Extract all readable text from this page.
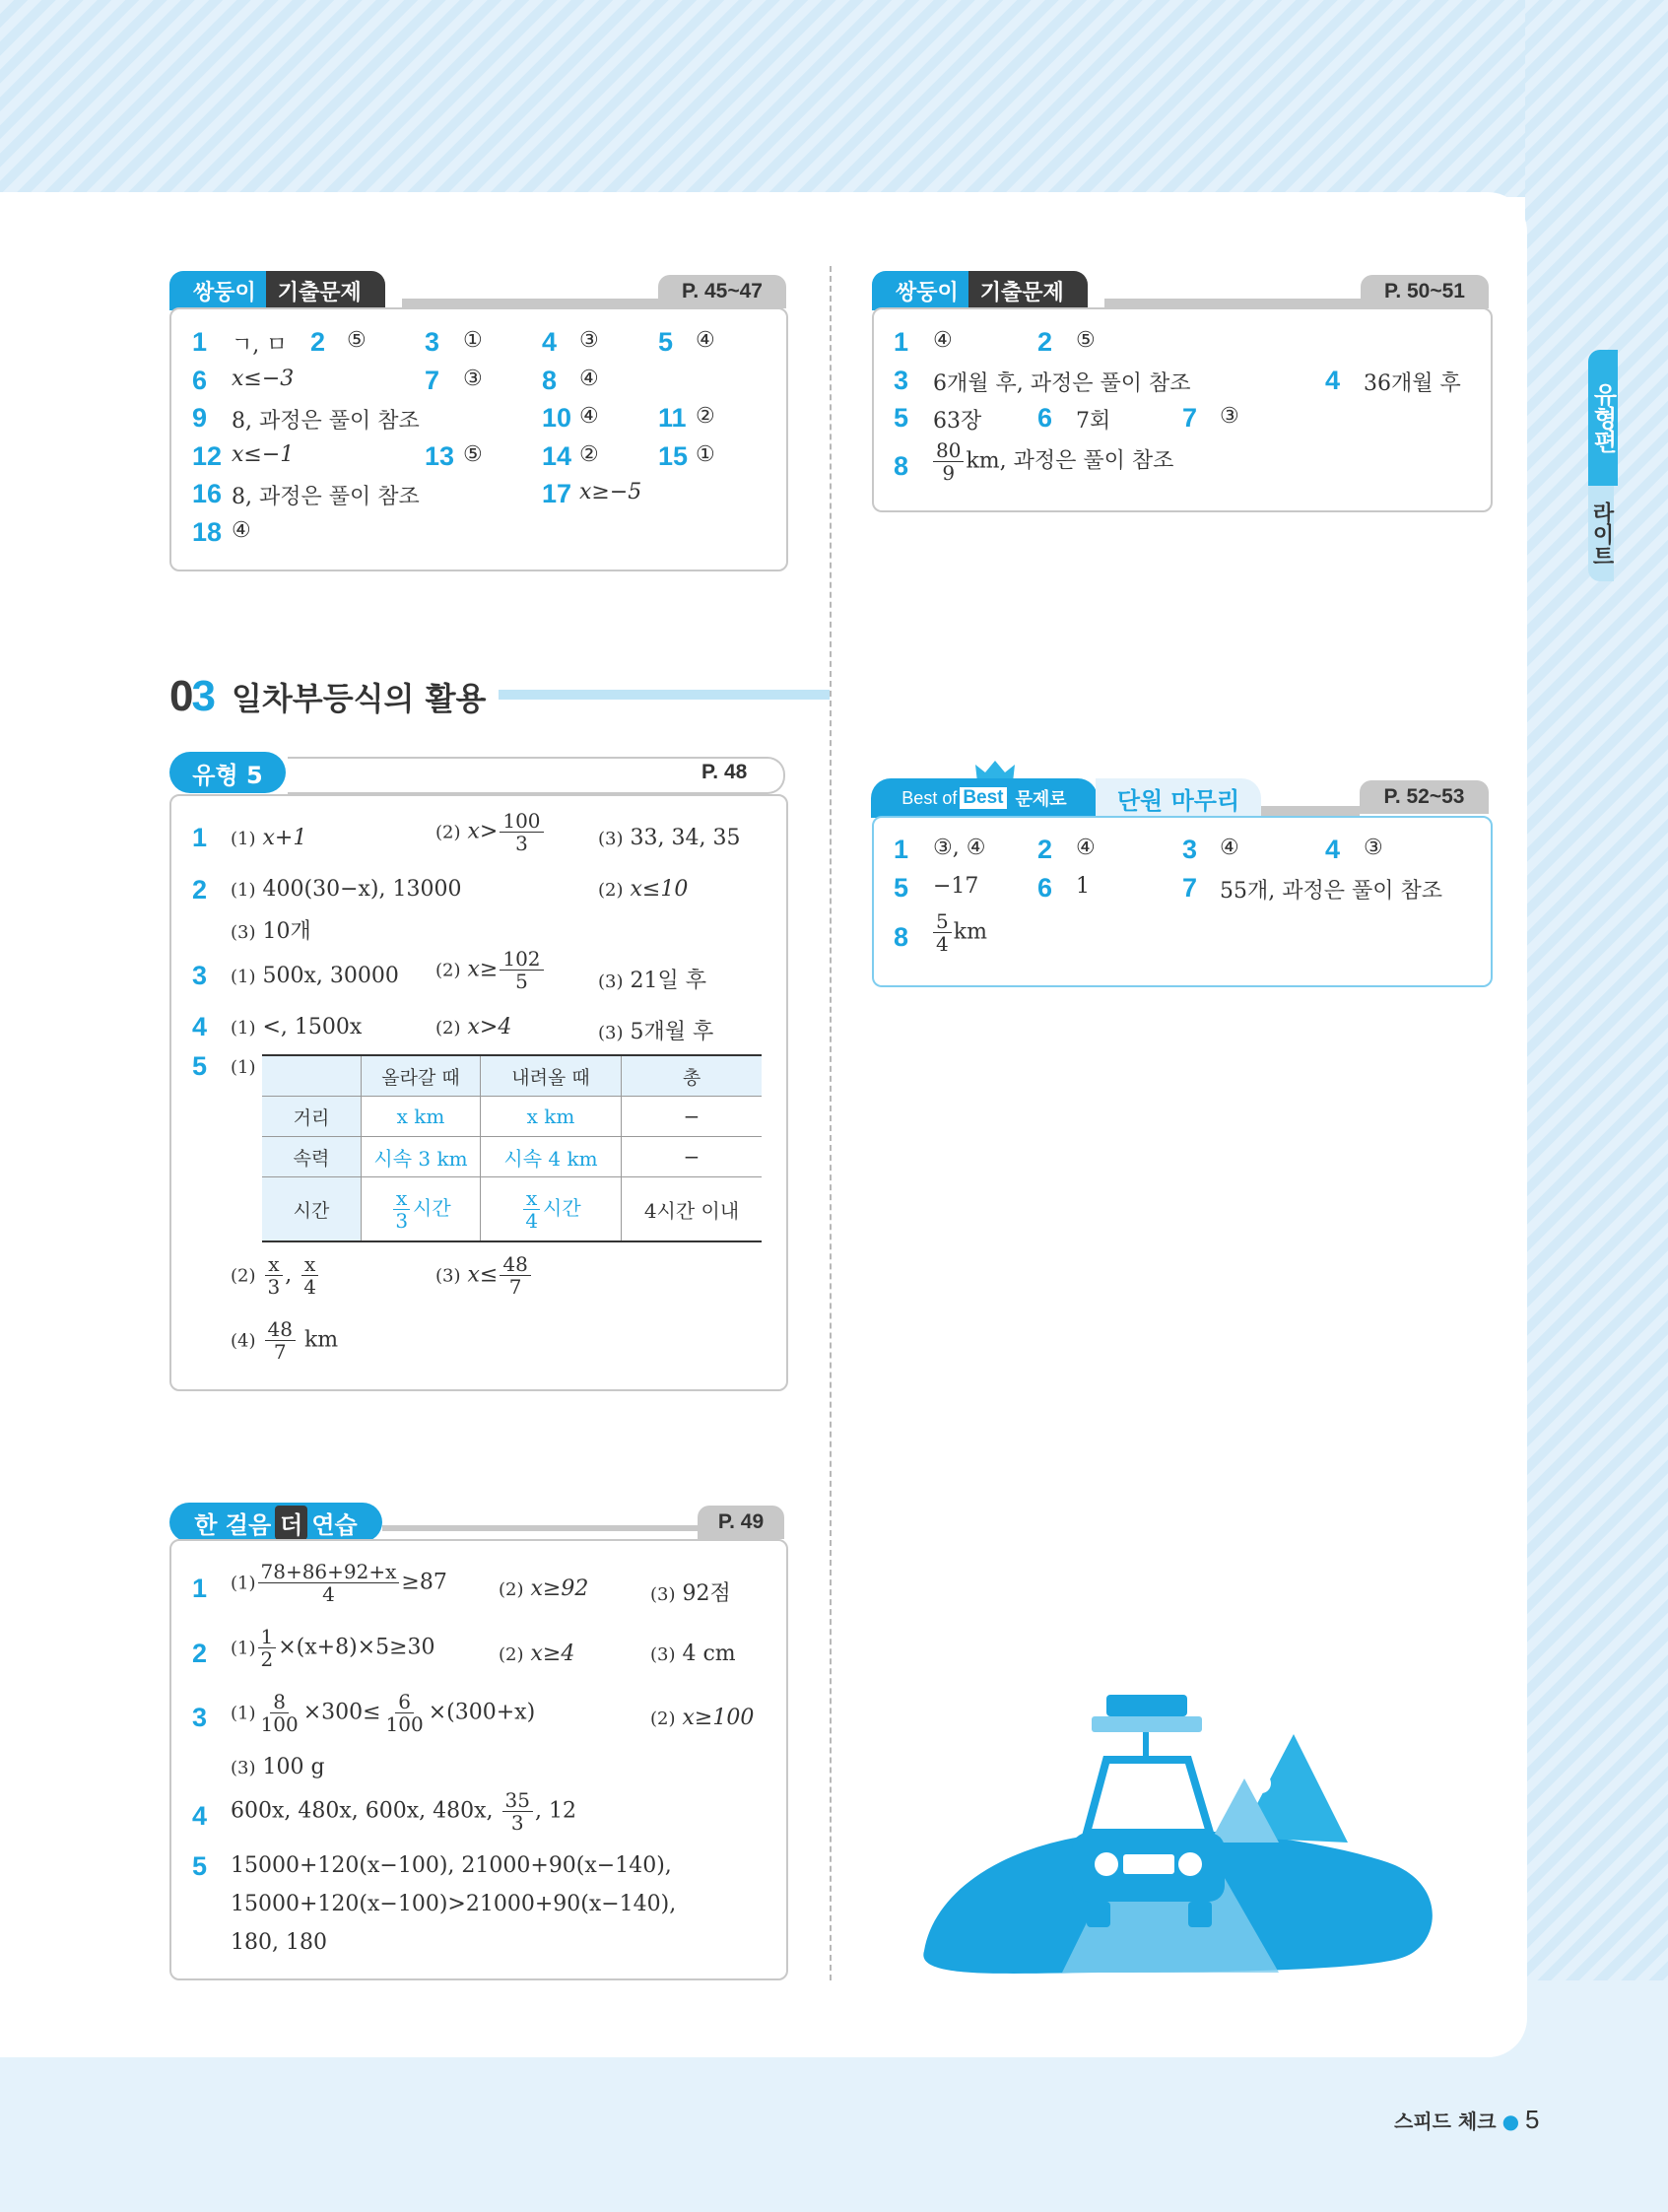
유형편
라이트
쌍둥이	기출문제	P. 45~47
1 ㄱ, ㅁ 2 ⑤ 3 ① 4 ③ 5 ④
6 x≤−3	7 ③ 8 ④
9 8, 과정은 풀이 참조	10 ④ 11 ②
12 x≤−1	13 ⑤ 14 ② 15 ①
16 8, 과정은 풀이 참조	17 x≥−5
18 ④
쌍둥이	기출문제	P. 50~51
1 ④	2 ⑤
3 6개월 후, 과정은 풀이 참조	4 36개월 후
5 63장 6 7회	7 ③
$8 \frac{80}{9}$ km, 과정은 풀이 참조
03 일차부등식의 활용
유형 5	P. 48
1 (1) x+1	(2) $x> \frac{100}{3}$	(3) 33, 34, 35
2 (1) 400(30−x), 13000	(2) x≤10
(3) 10개
3 (1) 500x, 30000 (2) $x\ge \frac{102}{5}$	(3) 21일 후
4 (1) <, 1500x	(2) x>4	(3) 5개월 후
5 (1)
		올라갈 때	내려올 때	총
거리	x km	x km	−
속력	시속 3 km	시속 4 km	−
시간	$\frac{x}{3}$ 시간	$\frac{x}{4}$ 시간	4시간 이내
$(2) \frac{x}{3}$ , $\frac{x}{4}$	(3) $x\le \frac{48}{7}$
$(4) \frac{48}{7}$ km
한 걸음 더 연습	P. 49
1 $(1) \frac{78+86+92+x}{4} \ge 87$	(2) x≥92	(3) 92점
2 $(1) \frac{1}{2} \times(x+8)\times 5\ge 30$	(2) x≥4	(3) 4 cm
3 $(1) \frac{8}{100} \times 300\le \frac{6}{100} \times(300+x)$	(2) x≥100
(3) 100 g
4 600x, 480x, 600x, 480x, $\frac{35}{3}$ , 12
5 15000+120(x−100), 21000+90(x−140),
15000+120(x−100)>21000+90(x−140),
180, 180
Best of Best 문제로	단원 마무리	P. 52~53
1 ③, ④ 2 ④	3 ④	4 ③
5 −17 6 1	7 55개, 과정은 풀이 참조
$8 \frac{5}{4}$ km
스피드 체크 ● 5
